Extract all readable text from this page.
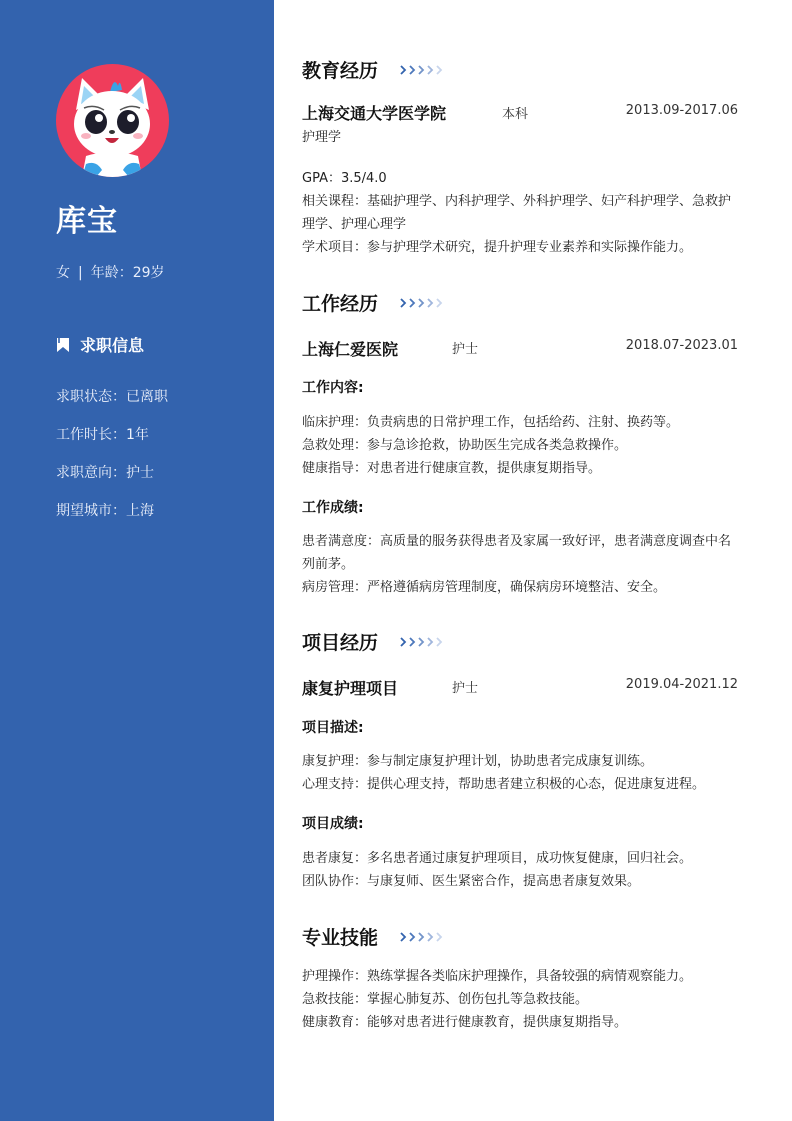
库宝
女 | 年龄：29岁
求职信息
求职状态：已离职
工作时长：1年
求职意向：护士
期望城市：上海
教育经历
上海交通大学医学院	本科	2013.09-2017.06
护理学
GPA：3.5/4.0
相关课程：基础护理学、内科护理学、外科护理学、妇产科护理学、急救护理学、护理心理学
学术项目：参与护理学术研究，提升护理专业素养和实际操作能力。
工作经历
上海仁爱医院	护士	2018.07-2023.01
工作内容:
临床护理：负责病患的日常护理工作，包括给药、注射、换药等。
急救处理：参与急诊抢救，协助医生完成各类急救操作。
健康指导：对患者进行健康宣教，提供康复期指导。
工作成绩:
患者满意度：高质量的服务获得患者及家属一致好评，患者满意度调查中名列前茅。
病房管理：严格遵循病房管理制度，确保病房环境整洁、安全。
项目经历
康复护理项目	护士	2019.04-2021.12
项目描述:
康复护理：参与制定康复护理计划，协助患者完成康复训练。
心理支持：提供心理支持，帮助患者建立积极的心态，促进康复进程。
项目成绩:
患者康复：多名患者通过康复护理项目，成功恢复健康，回归社会。
团队协作：与康复师、医生紧密合作，提高患者康复效果。
专业技能
护理操作：熟练掌握各类临床护理操作，具备较强的病情观察能力。
急救技能：掌握心肺复苏、创伤包扎等急救技能。
健康教育：能够对患者进行健康教育，提供康复期指导。
